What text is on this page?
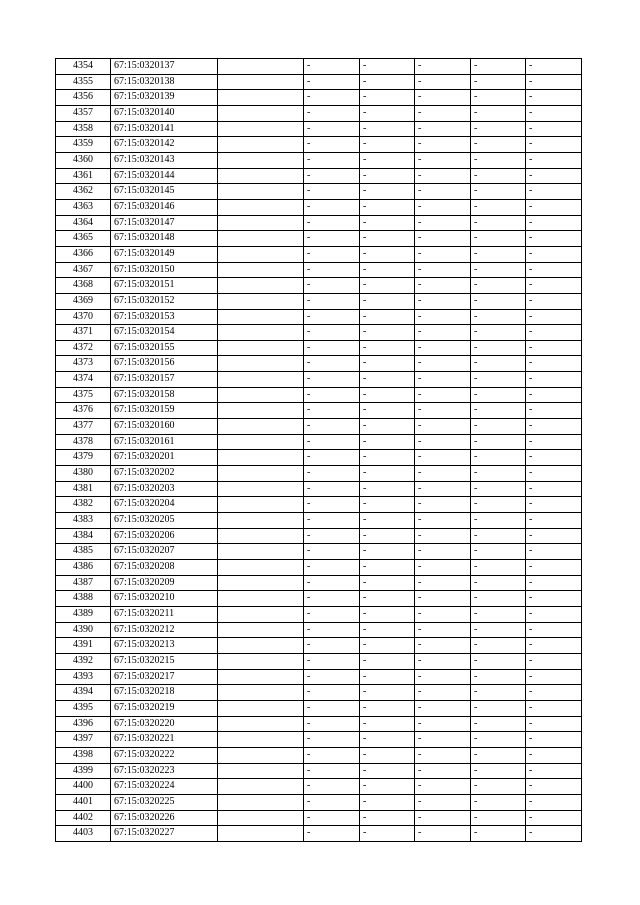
4354	67:15:0320137		-	-	-	-	-
4355	67:15:0320138		-	-	-	-	-
4356	67:15:0320139		-	-	-	-	-
4357	67:15:0320140		-	-	-	-	-
4358	67:15:0320141		-	-	-	-	-
4359	67:15:0320142		-	-	-	-	-
4360	67:15:0320143		-	-	-	-	-
4361	67:15:0320144		-	-	-	-	-
4362	67:15:0320145		-	-	-	-	-
4363	67:15:0320146		-	-	-	-	-
4364	67:15:0320147		-	-	-	-	-
4365	67:15:0320148		-	-	-	-	-
4366	67:15:0320149		-	-	-	-	-
4367	67:15:0320150		-	-	-	-	-
4368	67:15:0320151		-	-	-	-	-
4369	67:15:0320152		-	-	-	-	-
4370	67:15:0320153		-	-	-	-	-
4371	67:15:0320154		-	-	-	-	-
4372	67:15:0320155		-	-	-	-	-
4373	67:15:0320156		-	-	-	-	-
4374	67:15:0320157		-	-	-	-	-
4375	67:15:0320158		-	-	-	-	-
4376	67:15:0320159		-	-	-	-	-
4377	67:15:0320160		-	-	-	-	-
4378	67:15:0320161		-	-	-	-	-
4379	67:15:0320201		-	-	-	-	-
4380	67:15:0320202		-	-	-	-	-
4381	67:15:0320203		-	-	-	-	-
4382	67:15:0320204		-	-	-	-	-
4383	67:15:0320205		-	-	-	-	-
4384	67:15:0320206		-	-	-	-	-
4385	67:15:0320207		-	-	-	-	-
4386	67:15:0320208		-	-	-	-	-
4387	67:15:0320209		-	-	-	-	-
4388	67:15:0320210		-	-	-	-	-
4389	67:15:0320211		-	-	-	-	-
4390	67:15:0320212		-	-	-	-	-
4391	67:15:0320213		-	-	-	-	-
4392	67:15:0320215		-	-	-	-	-
4393	67:15:0320217		-	-	-	-	-
4394	67:15:0320218		-	-	-	-	-
4395	67:15:0320219		-	-	-	-	-
4396	67:15:0320220		-	-	-	-	-
4397	67:15:0320221		-	-	-	-	-
4398	67:15:0320222		-	-	-	-	-
4399	67:15:0320223		-	-	-	-	-
4400	67:15:0320224		-	-	-	-	-
4401	67:15:0320225		-	-	-	-	-
4402	67:15:0320226		-	-	-	-	-
4403	67:15:0320227		-	-	-	-	-
